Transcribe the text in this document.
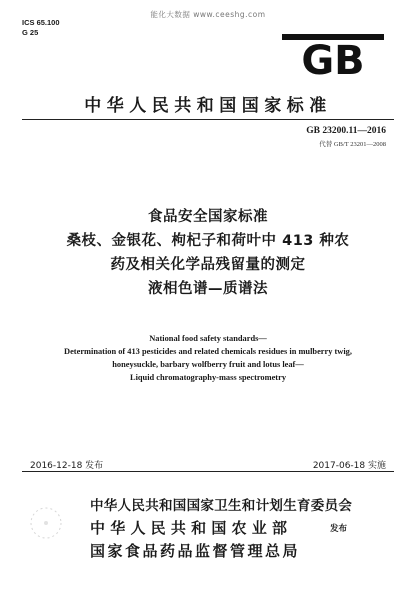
能化大数据 www.ceeshg.com
ICS 65.100
G 25
GB
中华人民共和国国家标准
GB 23200.11—2016
代替 GB/T 23201—2008
食品安全国家标准
桑枝、金银花、枸杞子和荷叶中 413 种农
药及相关化学品残留量的测定
液相色谱—质谱法
National food safety standards—
Determination of 413 pesticides and related chemicals residues in mulberry twig,
honeysuckle, barbary wolfberry fruit and lotus leaf—
Liquid chromatography-mass spectrometry
2016-12-18 发布	2017-06-18 实施
中华人民共和国国家卫生和计划生育委员会
中 华 人 民 共 和 国 农 业 部	发布
国家食品药品监督管理总局
